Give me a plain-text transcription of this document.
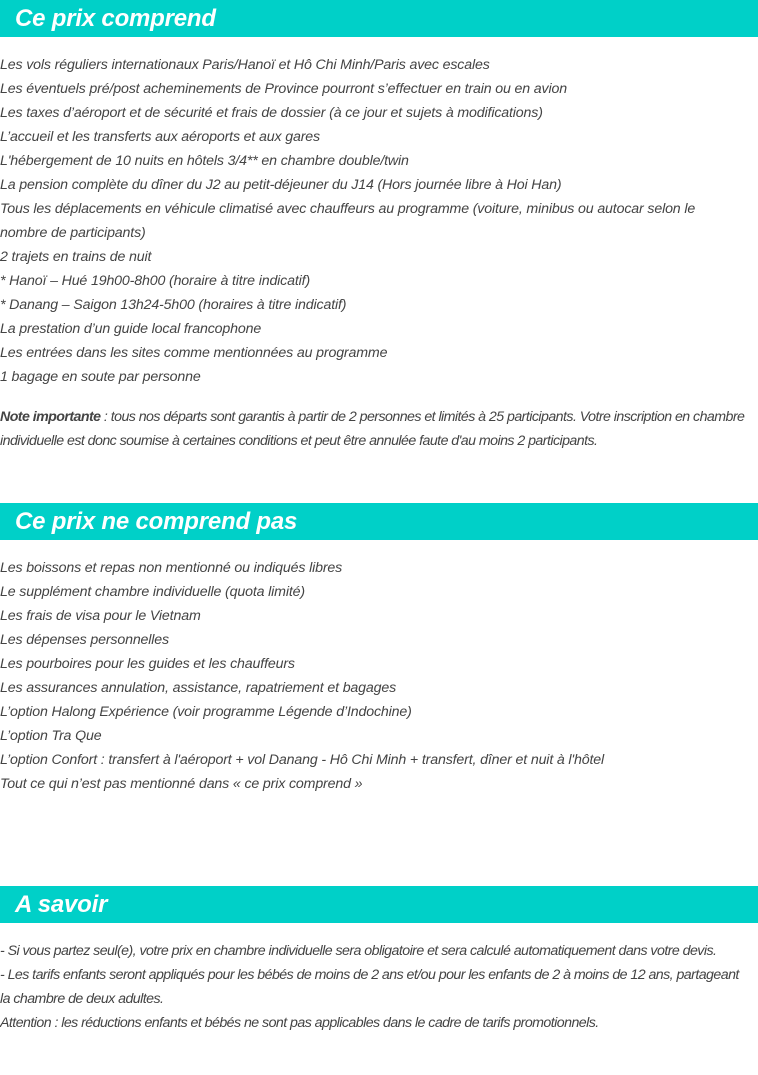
Ce prix comprend
Les vols réguliers internationaux Paris/Hanoï et Hô Chi Minh/Paris avec escales
Les éventuels pré/post acheminements de Province pourront s’effectuer en train ou en avion
Les taxes d’aéroport et de sécurité et frais de dossier (à ce jour et sujets à modifications)
L’accueil et les transferts aux aéroports et aux gares
L'hébergement de 10 nuits en hôtels 3/4** en chambre double/twin
La pension complète du dîner du J2 au petit-déjeuner du J14 (Hors journée libre à Hoi Han)
Tous les déplacements en véhicule climatisé avec chauffeurs au programme (voiture, minibus ou autocar selon le nombre de participants)
2 trajets en trains de nuit
* Hanoï – Hué 19h00-8h00 (horaire à titre indicatif)
* Danang – Saigon 13h24-5h00 (horaires à titre indicatif)
La prestation d’un guide local francophone
Les entrées dans les sites comme mentionnées au programme
1 bagage en soute par personne

Note importante : tous nos départs sont garantis à partir de 2 personnes et limités à 25 participants. Votre inscription en chambre individuelle est donc soumise à certaines conditions et peut être annulée faute d'au moins 2 participants.

Ce prix ne comprend pas
Les boissons et repas non mentionné ou indiqués libres
Le supplément chambre individuelle (quota limité)
Les frais de visa pour le Vietnam
Les dépenses personnelles
Les pourboires pour les guides et les chauffeurs
Les assurances annulation, assistance, rapatriement et bagages
L’option Halong Expérience (voir programme Légende d’Indochine)
L’option Tra Que
L’option Confort : transfert à l'aéroport + vol Danang - Hô Chi Minh + transfert, dîner et nuit à l'hôtel
Tout ce qui n’est pas mentionné dans « ce prix comprend »
A savoir

- Si vous partez seul(e), votre prix en chambre individuelle sera obligatoire et sera calculé automatiquement dans votre devis.

- Les tarifs enfants seront appliqués pour les bébés de moins de 2 ans et/ou pour les enfants de 2 à moins de 12 ans, partageant la chambre de deux adultes.

Attention : les réductions enfants et bébés ne sont pas applicables dans le cadre de tarifs promotionnels.
